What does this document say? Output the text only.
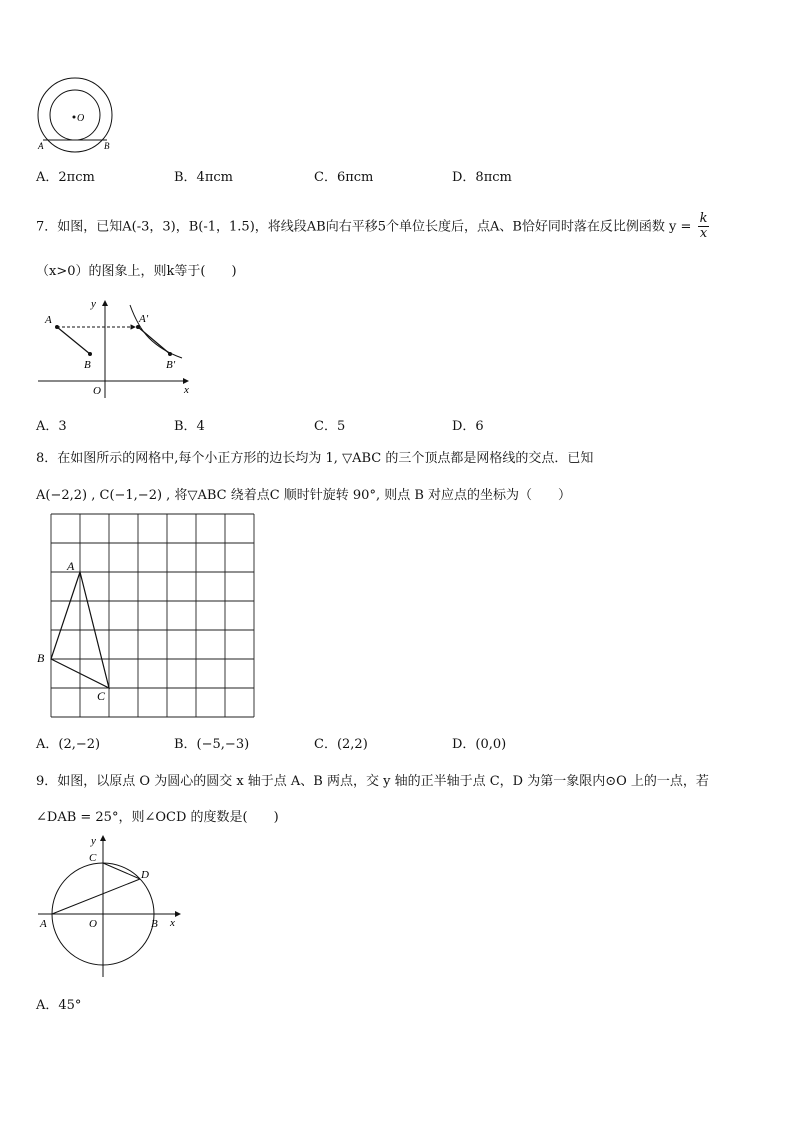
O
A	B
A．2πcm	B．4πcm	C．6πcm	D．8πcm
7．如图，已知A(-3，3)，B(-1，1.5)，将线段AB向右平移5个单位长度后，点A、B恰好同时落在反比例函数 $y = \frac{k}{x}$
（x>0）的图象上，则k等于(　　)
y
x
O
A
B
A′
B′
A．3	B．4	C．5	D．6
8．在如图所示的网格中,每个小正方形的边长均为 1, ▽ABC 的三个顶点都是网格线的交点．已知
A(−2,2) , C(−1,−2) , 将▽ABC 绕着点C 顺时针旋转 90°, 则点 B 对应点的坐标为（　　）
A
B
C
A．(2,−2)	B．(−5,−3)	C．(2,2)	D．(0,0)
9．如图，以原点 O 为圆心的圆交 x 轴于点 A、B 两点，交 y 轴的正半轴于点 C，D 为第一象限内⊙O 上的一点，若
∠DAB = 25°，则∠OCD 的度数是(　　)
y
x
O
A	B
C
D
A．45°
